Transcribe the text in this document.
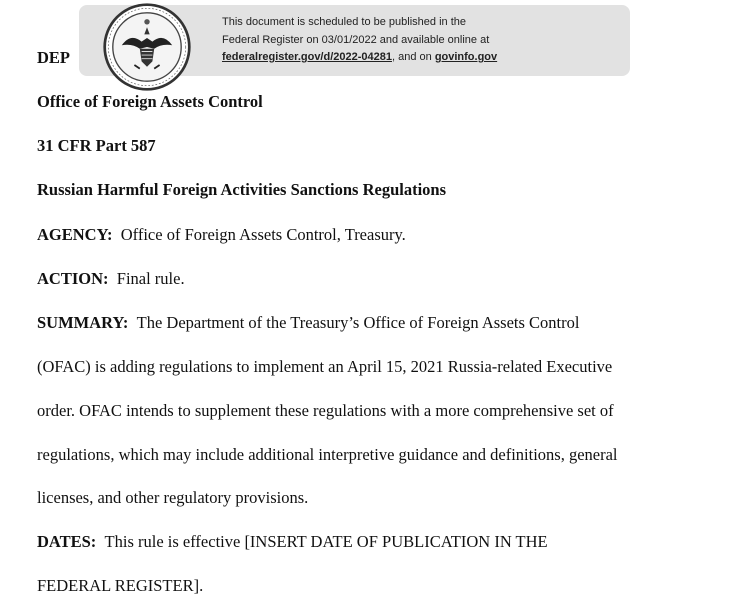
DEP

This document is scheduled to be published in the
Federal Register on 03/01/2022 and available online at
federalregister.gov/d/2022-04281, and on govinfo.gov

Office of Foreign Assets Control

31 CFR Part 587

Russian Harmful Foreign Activities Sanctions Regulations

AGENCY: Office of Foreign Assets Control, Treasury.

ACTION: Final rule.

SUMMARY: The Department of the Treasury’s Office of Foreign Assets Control

(OFAC) is adding regulations to implement an April 15, 2021 Russia-related Executive

order. OFAC intends to supplement these regulations with a more comprehensive set of

regulations, which may include additional interpretive guidance and definitions, general

licenses, and other regulatory provisions.

DATES: This rule is effective [INSERT DATE OF PUBLICATION IN THE

FEDERAL REGISTER].
